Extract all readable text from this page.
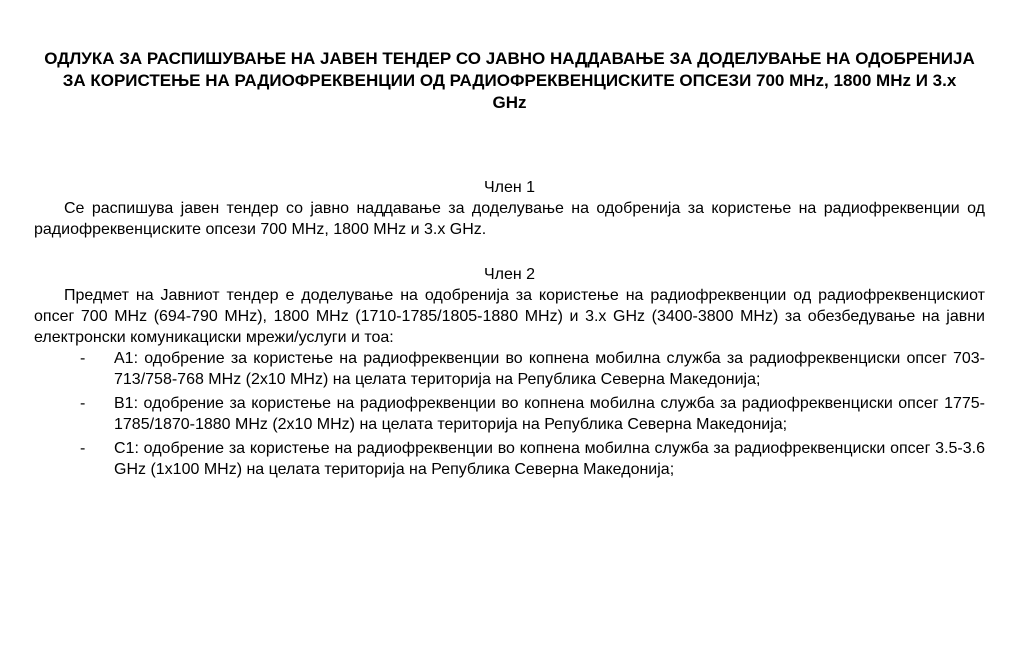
ОДЛУКА ЗА РАСПИШУВАЊЕ НА ЈАВЕН ТЕНДЕР СО ЈАВНО НАДДАВАЊЕ ЗА ДОДЕЛУВАЊЕ НА ОДОБРЕНИЈА ЗА КОРИСТЕЊЕ НА РАДИОФРЕКВЕНЦИИ ОД РАДИОФРЕКВЕНЦИСКИТЕ ОПСЕЗИ 700 MHz, 1800 MHz И 3.x GHz

Член 1

Се распишува јавен тендер со јавно наддавање за доделување на одобренија за користење на радиофреквенции од радиофреквенциските опсези 700 MHz, 1800 MHz и 3.x GHz.

Член 2

Предмет на Јавниот тендер е доделување на одобренија за користење на радиофреквенции од радиофреквенцискиот опсег 700 MHz (694-790 MHz), 1800 MHz (1710-1785/1805-1880 MHz) и 3.x GHz (3400-3800 MHz) за обезбедување на јавни електронски комуникациски мрежи/услуги и тоа:

- А1: одобрение за користење на радиофреквенции во копнена мобилна служба за радиофреквенциски опсег 703-713/758-768 MHz (2x10 MHz) на целата територија на Република Северна Македонија;
- B1: одобрение за користење на радиофреквенции во копнена мобилна служба за радиофреквенциски опсег 1775-1785/1870-1880 MHz (2x10 MHz) на целата територија на Република Северна Македонија;
- C1: одобрение за користење на радиофреквенции во копнена мобилна служба за радиофреквенциски опсег 3.5-3.6 GHz (1x100 MHz) на целата територија на Република Северна Македонија;
